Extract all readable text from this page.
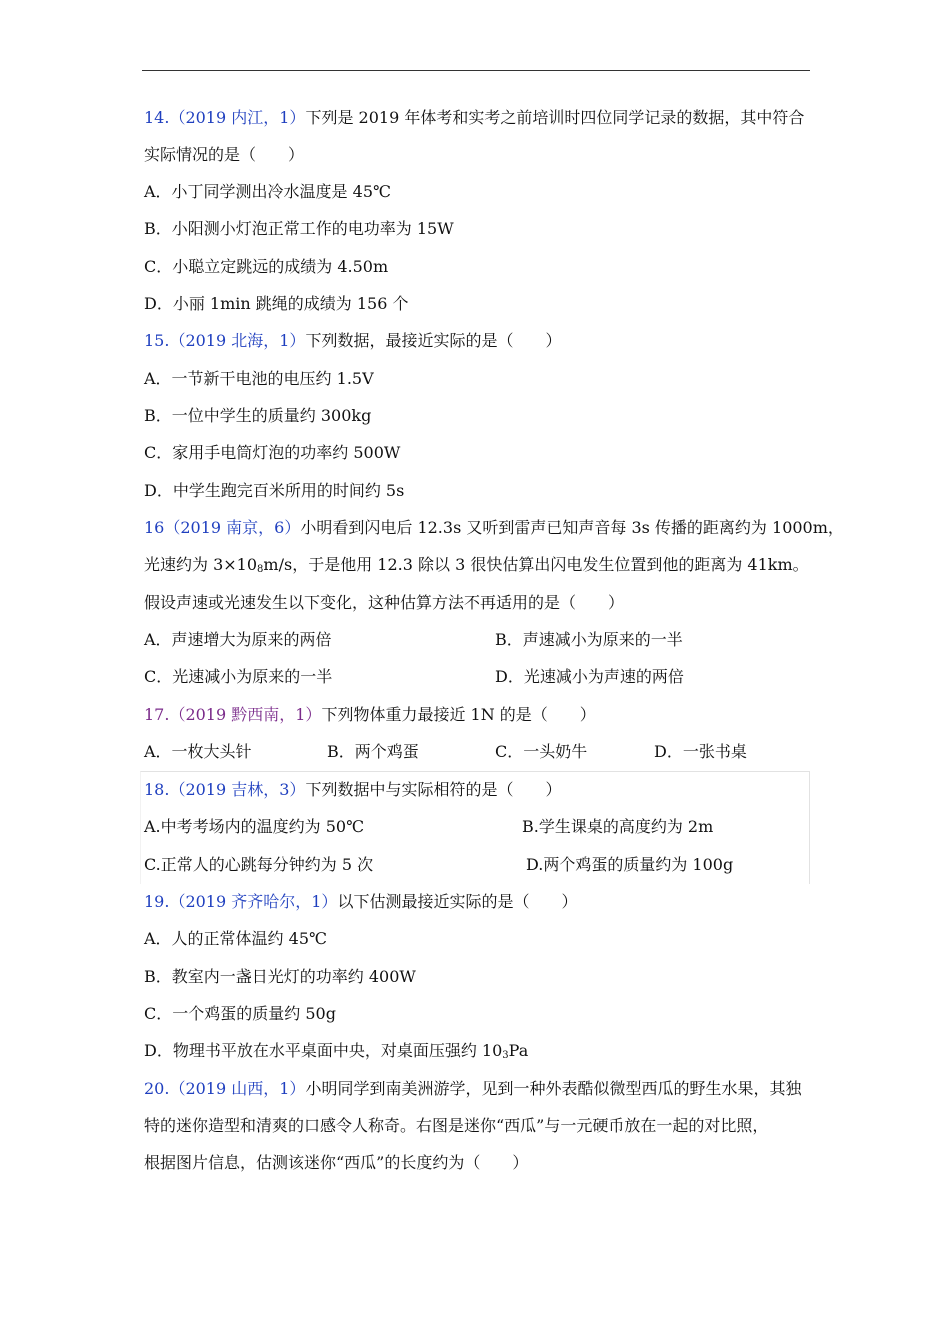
14.（2019 内江，1）下列是 2019 年体考和实考之前培训时四位同学记录的数据，其中符合
实际情况的是（　　）
A．小丁同学测出冷水温度是 45℃
B．小阳测小灯泡正常工作的电功率为 15W
C．小聪立定跳远的成绩为 4.50m
D．小丽 1min 跳绳的成绩为 156 个
15.（2019 北海，1）下列数据，最接近实际的是（　　）
A．一节新干电池的电压约 1.5V
B．一位中学生的质量约 300kg
C．家用手电筒灯泡的功率约 500W
D．中学生跑完百米所用的时间约 5s
16（2019 南京，6）小明看到闪电后 12.3s 又听到雷声已知声音每 3s 传播的距离约为 1000m，
光速约为 $3\times 10_8m/s$，于是他用 12.3 除以 3 很快估算出闪电发生位置到他的距离为 41km。
假设声速或光速发生以下变化，这种估算方法不再适用的是（　　）
A．声速增大为原来的两倍	B．声速减小为原来的一半
C．光速减小为原来的一半	D．光速减小为声速的两倍
17.（2019 黔西南，1）下列物体重力最接近 1N 的是（　　）
A．一枚大头针	B．两个鸡蛋	C．一头奶牛	D．一张书桌
18.（2019 吉林，3）下列数据中与实际相符的是（　　）
A.中考考场内的温度约为 50℃	B.学生课桌的高度约为 2m
C.正常人的心跳每分钟约为 5 次	D.两个鸡蛋的质量约为 100g
19.（2019 齐齐哈尔，1）以下估测最接近实际的是（　　）
A．人的正常体温约 45℃
B．教室内一盏日光灯的功率约 400W
C．一个鸡蛋的质量约 50g
D．物理书平放在水平桌面中央，对桌面压强约 $10_3Pa$
20.（2019 山西，1）小明同学到南美洲游学，见到一种外表酷似微型西瓜的野生水果，其独
特的迷你造型和清爽的口感令人称奇。右图是迷你“西瓜”与一元硬币放在一起的对比照，
根据图片信息，估测该迷你“西瓜”的长度约为（　　）
